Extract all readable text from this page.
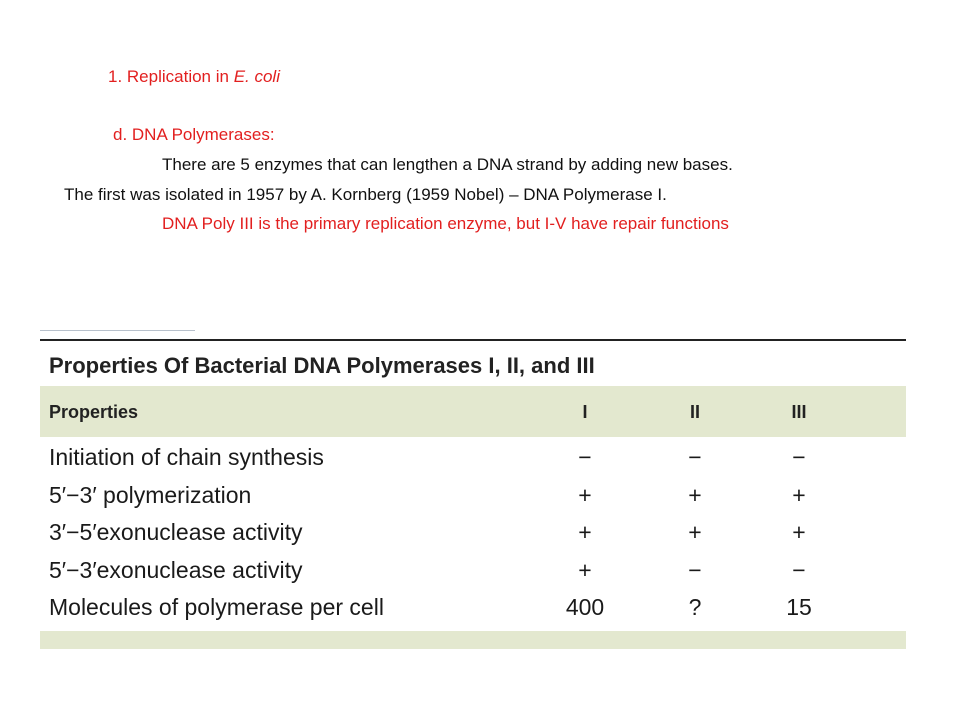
1. Replication in E. coli
d. DNA Polymerases:
There are 5 enzymes that can lengthen a DNA strand by adding new bases.
The first was isolated in 1957 by A. Kornberg (1959 Nobel) – DNA Polymerase I.
DNA Poly III is the primary replication enzyme, but I-V have repair functions
Properties Of Bacterial DNA Polymerases I, II, and III
Properties	I	II	III
Initiation of chain synthesis	−	−	−
5′−3′ polymerization	+	+	+
3′−5′exonuclease activity	+	+	+
5′−3′exonuclease activity	+	−	−
Molecules of polymerase per cell	400	?	15
